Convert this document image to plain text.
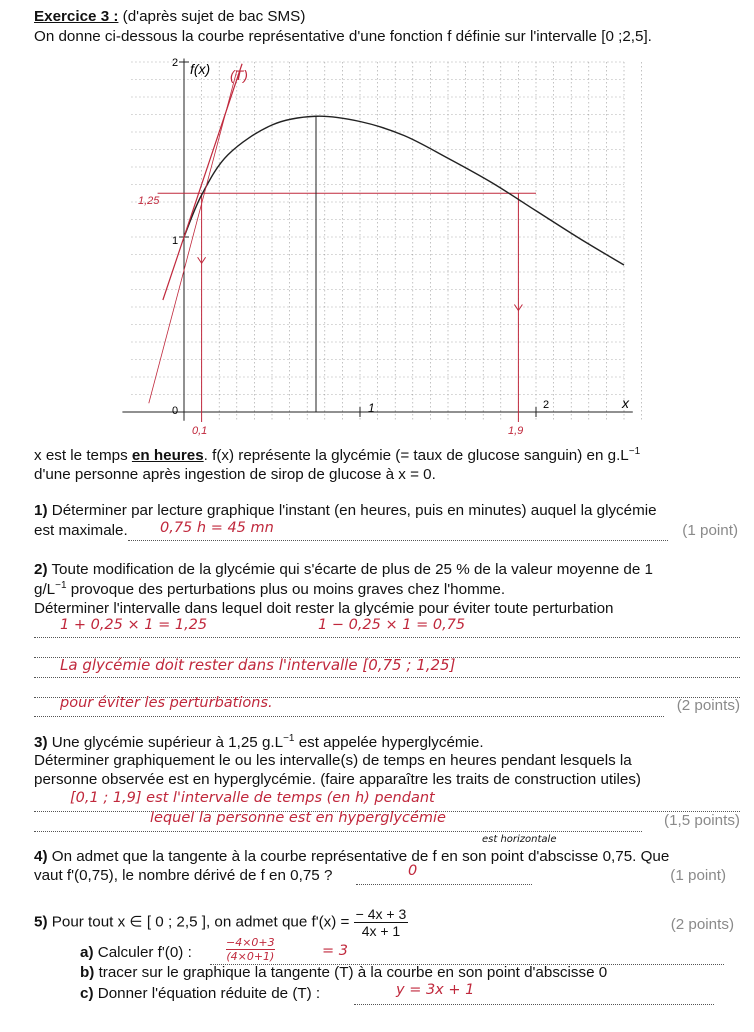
Exercice 3 : (d'après sujet de bac SMS)
On donne ci-dessous la courbe représentative d'une fonction f définie sur l'intervalle [0 ;2,5].
f(x) (T)
x
2
1
1,25
0	1	2
0,1	1,9
x est le temps en heures. f(x) représente la glycémie (= taux de glucose sanguin) en $g.L^{-1}$
d'une personne après ingestion de sirop de glucose à x = 0.
1) Déterminer par lecture graphique l'instant (en heures, puis en minutes) auquel la glycémie
est maximale.	0,75 h = 45 mn	(1 point)
2) Toute modification de la glycémie qui s'écarte de plus de 25 % de la valeur moyenne de 1
$g/L^{-1}$ provoque des perturbations plus ou moins graves chez l'homme.
Déterminer l'intervalle dans lequel doit rester la glycémie pour éviter toute perturbation
1 + 0,25 × 1 = 1,25	1 − 0,25 × 1 = 0,75
La glycémie doit rester dans l'intervalle [0,75 ; 1,25]
pour éviter les perturbations.	(2 points)
3) Une glycémie supérieur à 1,25 $g.L^{-1}$ est appelée hyperglycémie.
Déterminer graphiquement le ou les intervalle(s) de temps en heures pendant lesquels la
personne observée est en hyperglycémie. (faire apparaître les traits de construction utiles)
[0,1 ; 1,9] est l'intervalle de temps (en h) pendant
lequel la personne est en hyperglycémie	(1,5 points)
est horizontale
4) On admet que la tangente à la courbe représentative de f en son point d'abscisse 0,75. Que
vaut f'(0,75), le nombre dérivé de f en 0,75 ?	0	(1 point)
5) Pour tout x ∈ [ 0 ; 2,5 ], on admet que $f'(x) = \frac{- 4x + 3}{4x + 1}$	(2 points)
a) Calculer f'(0) :	$\frac{-4\times 0+3}{(4\times 0+1)}$	= 3
b) tracer sur le graphique la tangente (T) à la courbe en son point d'abscisse 0
c) Donner l'équation réduite de (T) :	y = 3x + 1
